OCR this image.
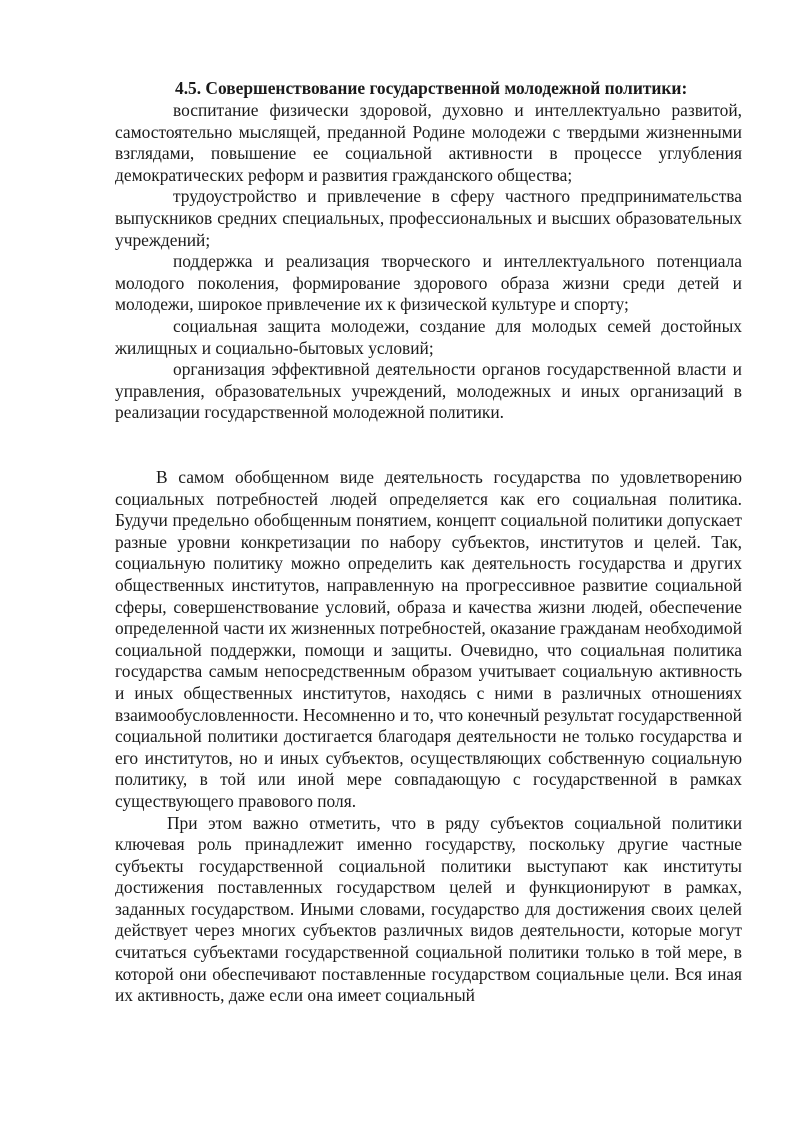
4.5. Совершенствование государственной молодежной политики:

воспитание физически здоровой, духовно и интеллектуально развитой, самостоятельно мыслящей, преданной Родине молодежи с твердыми жизненными взглядами, повышение ее социальной активности в процессе углубления демократических реформ и развития гражданского общества;

трудоустройство и привлечение в сферу частного предпринимательства выпускников средних специальных, профессиональных и высших образовательных учреждений;

поддержка и реализация творческого и интеллектуального потенциала молодого поколения, формирование здорового образа жизни среди детей и молодежи, широкое привлечение их к физической культуре и спорту;

социальная защита молодежи, создание для молодых семей достойных жилищных и социально-бытовых условий;

организация эффективной деятельности органов государственной власти и управления, образовательных учреждений, молодежных и иных организаций в реализации государственной молодежной политики.

В самом обобщенном виде деятельность государства по удовлетворению социальных потребностей людей определяется как его социальная политика. Будучи предельно обобщенным понятием, концепт социальной политики допускает разные уровни конкретизации по набору субъектов, институтов и целей. Так, социальную политику можно определить как деятельность государства и других общественных институтов, направленную на прогрессивное развитие социальной сферы, совершенствование условий, образа и качества жизни людей, обеспечение определенной части их жизненных потребностей, оказание гражданам необходимой социальной поддержки, помощи и защиты. Очевидно, что социальная политика государства самым непосредственным образом учитывает социальную активность и иных общественных институтов, находясь с ними в различных отношениях взаимообусловленности. Несомненно и то, что конечный результат государственной социальной политики достигается благодаря деятельности не только государства и его институтов, но и иных субъектов, осуществляющих собственную социальную политику, в той или иной мере совпадающую с государственной в рамках существующего правового поля.

При этом важно отметить, что в ряду субъектов социальной политики ключевая роль принадлежит именно государству, поскольку другие частные субъекты государственной социальной политики выступают как институты достижения поставленных государством целей и функционируют в рамках, заданных государством. Иными словами, государство для достижения своих целей действует через многих субъектов различных видов деятельности, которые могут считаться субъектами государственной социальной политики только в той мере, в которой они обеспечивают поставленные государством социальные цели. Вся иная их активность, даже если она имеет социальный
